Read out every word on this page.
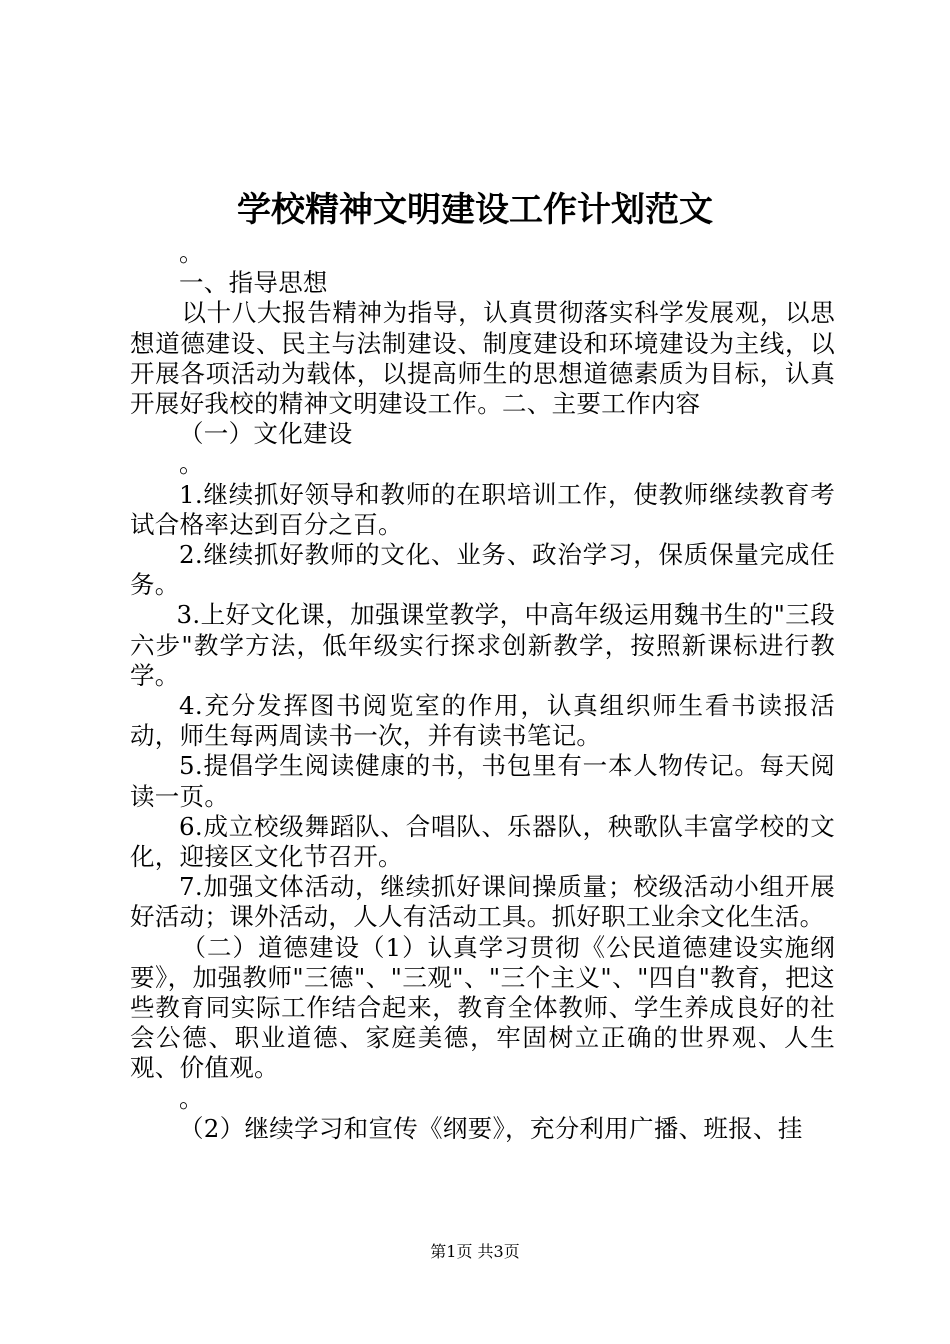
学校精神文明建设工作计划范文

。

一、指导思想

以十八大报告精神为指导，认真贯彻落实科学发展观，以思想道德建设、民主与法制建设、制度建设和环境建设为主线，以开展各项活动为载体，以提高师生的思想道德素质为目标，认真开展好我校的精神文明建设工作。二、主要工作内容

（一）文化建设

。

1.继续抓好领导和教师的在职培训工作，使教师继续教育考试合格率达到百分之百。

2.继续抓好教师的文化、业务、政治学习，保质保量完成任务。

3.上好文化课，加强课堂教学，中高年级运用魏书生的"三段六步"教学方法，低年级实行探求创新教学，按照新课标进行教学。

4.充分发挥图书阅览室的作用，认真组织师生看书读报活动，师生每两周读书一次，并有读书笔记。

5.提倡学生阅读健康的书，书包里有一本人物传记。每天阅读一页。

6.成立校级舞蹈队、合唱队、乐器队，秧歌队丰富学校的文化，迎接区文化节召开。

7.加强文体活动，继续抓好课间操质量；校级活动小组开展好活动；课外活动，人人有活动工具。抓好职工业余文化生活。

（二）道德建设（1）认真学习贯彻《公民道德建设实施纲要》，加强教师"三德"、"三观"、"三个主义"、"四自"教育，把这些教育同实际工作结合起来，教育全体教师、学生养成良好的社会公德、职业道德、家庭美德，牢固树立正确的世界观、人生观、价值观。

。

（2）继续学习和宣传《纲要》，充分利用广播、班报、挂

第1页 共3页
